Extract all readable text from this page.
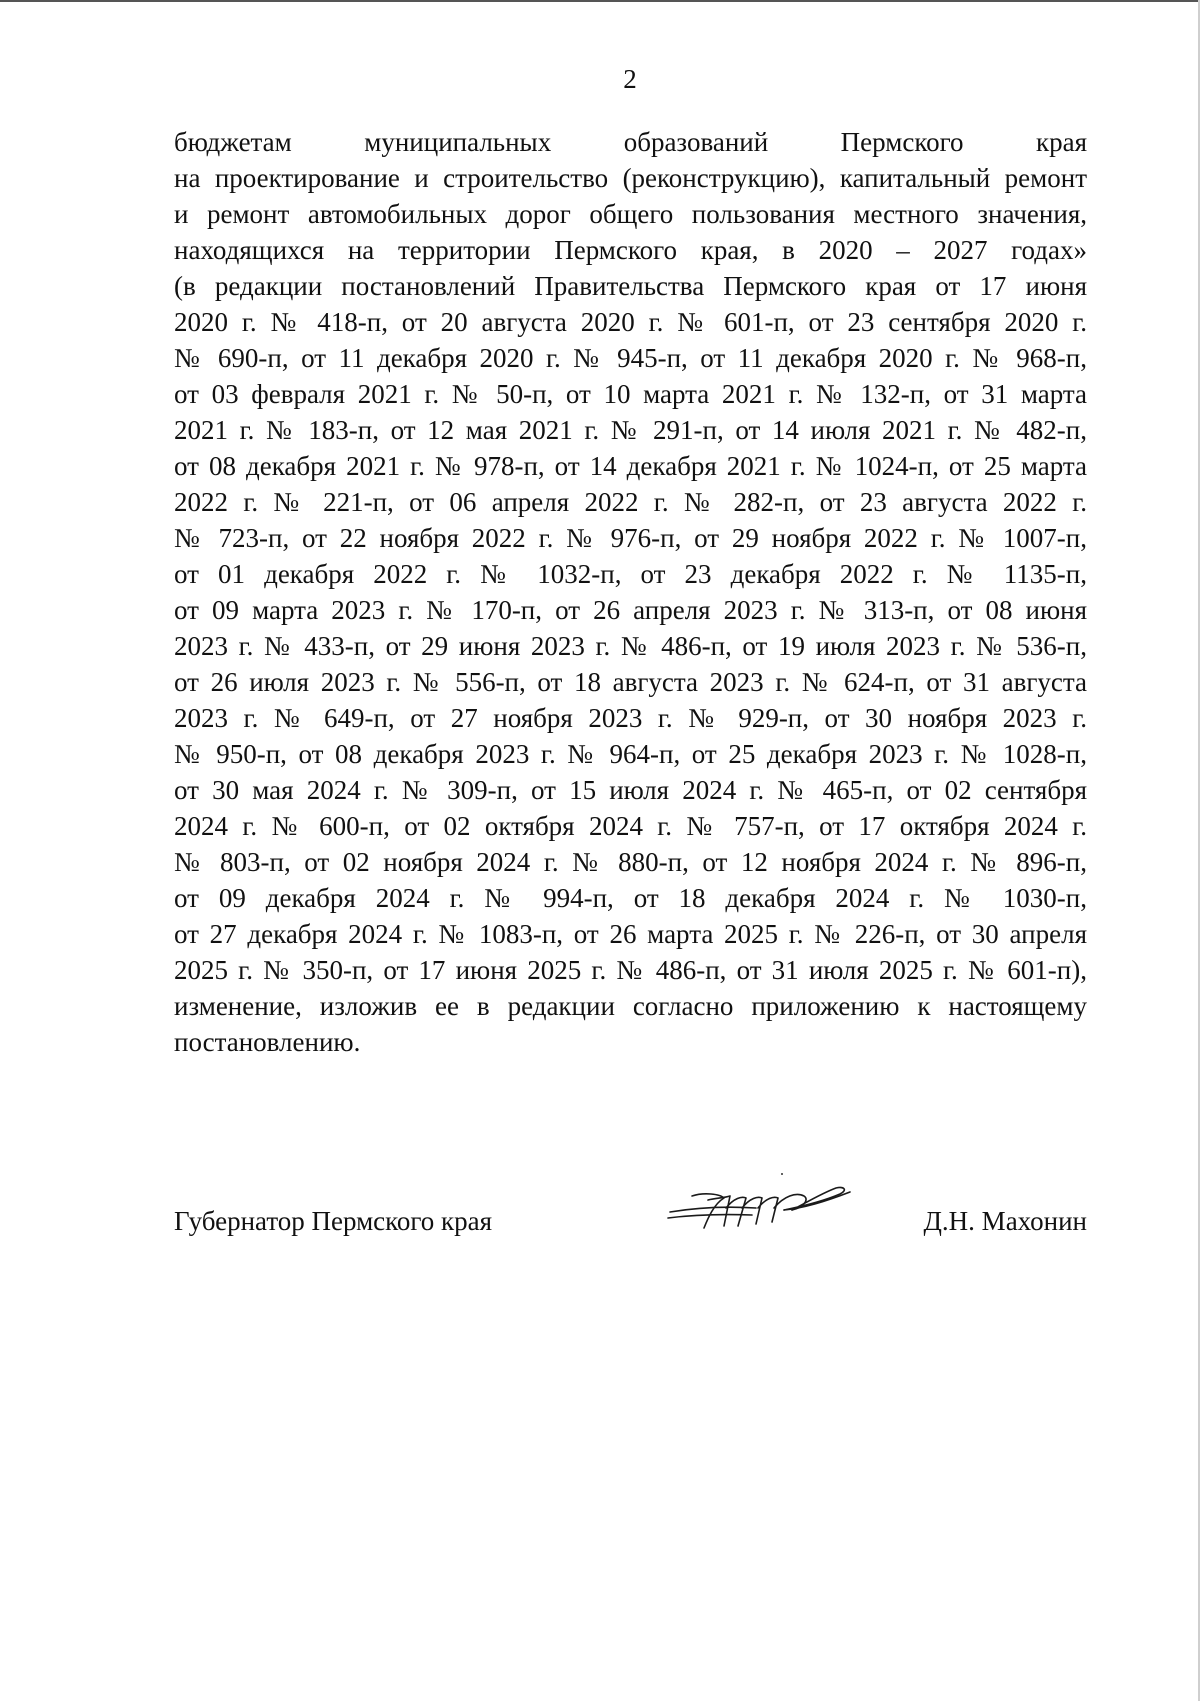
2
бюджетам муниципальных образований Пермского края
на проектирование и строительство (реконструкцию), капитальный ремонт
и ремонт автомобильных дорог общего пользования местного значения,
находящихся на территории Пермского края, в 2020 – 2027 годах»
(в редакции постановлений Правительства Пермского края от 17 июня
2020 г. № 418-п, от 20 августа 2020 г. № 601-п, от 23 сентября 2020 г.
№ 690-п, от 11 декабря 2020 г. № 945-п, от 11 декабря 2020 г. № 968-п,
от 03 февраля 2021 г. № 50-п, от 10 марта 2021 г. № 132-п, от 31 марта
2021 г. № 183-п, от 12 мая 2021 г. № 291-п, от 14 июля 2021 г. № 482-п,
от 08 декабря 2021 г. № 978-п, от 14 декабря 2021 г. № 1024-п, от 25 марта
2022 г. № 221-п, от 06 апреля 2022 г. № 282-п, от 23 августа 2022 г.
№ 723-п, от 22 ноября 2022 г. № 976-п, от 29 ноября 2022 г. № 1007-п,
от 01 декабря 2022 г. № 1032-п, от 23 декабря 2022 г. № 1135-п,
от 09 марта 2023 г. № 170-п, от 26 апреля 2023 г. № 313-п, от 08 июня
2023 г. № 433-п, от 29 июня 2023 г. № 486-п, от 19 июля 2023 г. № 536-п,
от 26 июля 2023 г. № 556-п, от 18 августа 2023 г. № 624-п, от 31 августа
2023 г. № 649-п, от 27 ноября 2023 г. № 929-п, от 30 ноября 2023 г.
№ 950-п, от 08 декабря 2023 г. № 964-п, от 25 декабря 2023 г. № 1028-п,
от 30 мая 2024 г. № 309-п, от 15 июля 2024 г. № 465-п, от 02 сентября
2024 г. № 600-п, от 02 октября 2024 г. № 757-п, от 17 октября 2024 г.
№ 803-п, от 02 ноября 2024 г. № 880-п, от 12 ноября 2024 г. № 896-п,
от 09 декабря 2024 г. № 994-п, от 18 декабря 2024 г. № 1030-п,
от 27 декабря 2024 г. № 1083-п, от 26 марта 2025 г. № 226-п, от 30 апреля
2025 г. № 350-п, от 17 июня 2025 г. № 486-п, от 31 июля 2025 г. № 601-п),
изменение, изложив ее в редакции согласно приложению к настоящему
постановлению.
Губернатор Пермского края	Д.Н. Махонин
